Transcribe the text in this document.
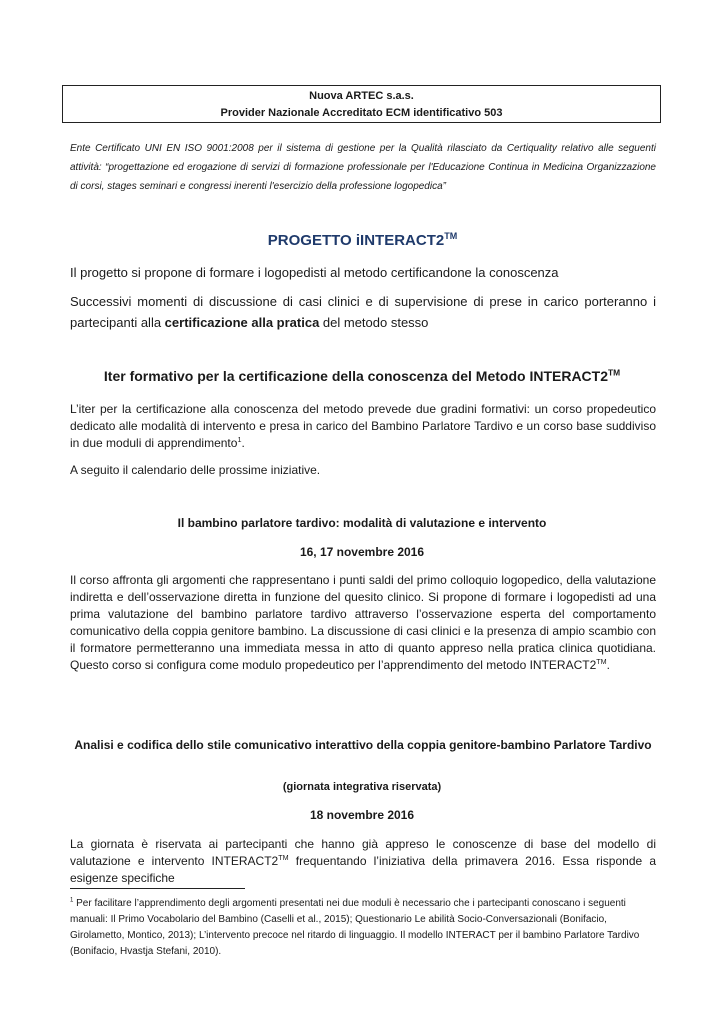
Nuova ARTEC s.a.s.
Provider Nazionale Accreditato ECM identificativo 503
Ente Certificato UNI EN ISO 9001:2008 per il sistema di gestione per la Qualità rilasciato da Certiquality relativo alle seguenti attività: “progettazione ed erogazione di servizi di formazione professionale per l'Educazione Continua in Medicina Organizzazione di corsi, stages seminari e congressi inerenti l'esercizio della professione logopedica”
PROGETTO iINTERACT2™
Il progetto si propone di formare i logopedisti al metodo certificandone la conoscenza
Successivi momenti di discussione di casi clinici e di supervisione di prese in carico porteranno i partecipanti alla certificazione alla pratica del metodo stesso
Iter formativo per la certificazione della conoscenza del Metodo INTERACT2™
L’iter per la certificazione alla conoscenza del metodo prevede due gradini formativi: un corso propedeutico dedicato alle modalità di intervento e presa in carico del Bambino Parlatore Tardivo e un corso base suddiviso in due moduli di apprendimento$^1$.
A seguito il calendario delle prossime iniziative.
Il bambino parlatore tardivo: modalità di valutazione e intervento
16, 17 novembre 2016
Il corso affronta gli argomenti che rappresentano i punti saldi del primo colloquio logopedico, della valutazione indiretta e dell’osservazione diretta in funzione del quesito clinico. Si propone di formare i logopedisti ad una prima valutazione del bambino parlatore tardivo attraverso l’osservazione esperta del comportamento comunicativo della coppia genitore bambino. La discussione di casi clinici e la presenza di ampio scambio con il formatore permetteranno una immediata messa in atto di quanto appreso nella pratica clinica quotidiana. Questo corso si configura come modulo propedeutico per l’apprendimento del metodo INTERACT2™.
Analisi e codifica dello stile comunicativo interattivo della coppia genitore-bambino Parlatore Tardivo
(giornata integrativa riservata)
18 novembre 2016
La giornata è riservata ai partecipanti che hanno già appreso le conoscenze di base del modello di valutazione e intervento INTERACT2™ frequentando l’iniziativa della primavera 2016. Essa risponde a esigenze specifiche
$^1$ Per facilitare l’apprendimento degli argomenti presentati nei due moduli è necessario che i partecipanti conoscano i seguenti manuali: Il Primo Vocabolario del Bambino (Caselli et al., 2015); Questionario Le abilità Socio-Conversazionali (Bonifacio, Girolametto, Montico, 2013); L’intervento precoce nel ritardo di linguaggio. Il modello INTERACT per il bambino Parlatore Tardivo (Bonifacio, Hvastja Stefani, 2010).
